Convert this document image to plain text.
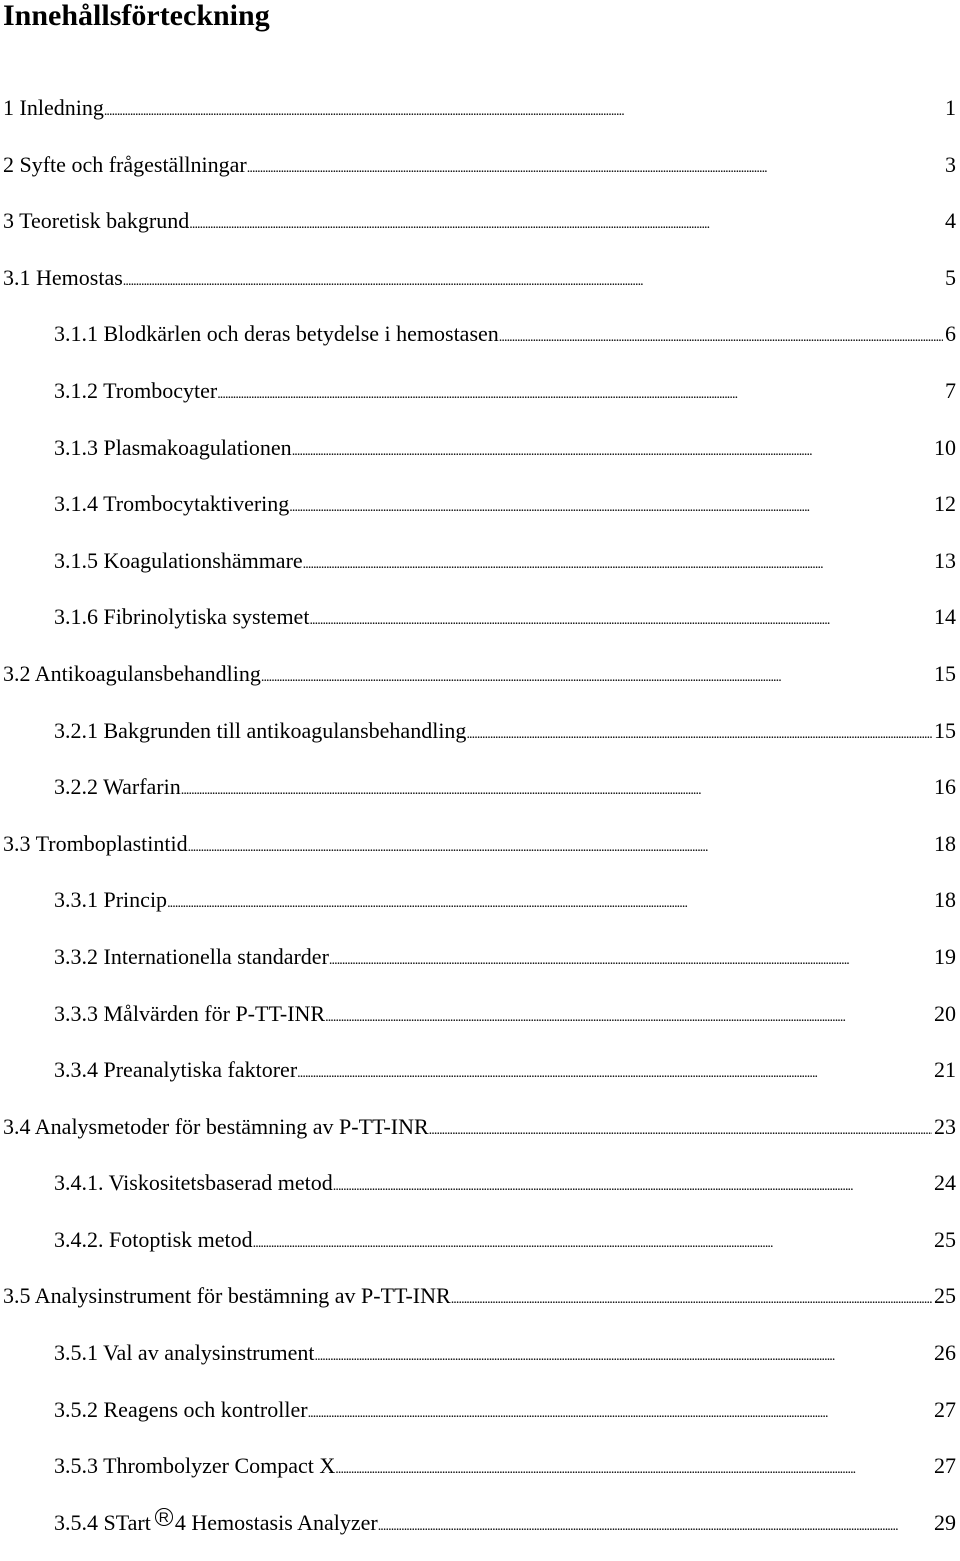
Innehållsförteckning
1 Inledning . . .	1
2 Syfte och frågeställningar . . .	3
3 Teoretisk bakgrund . . .	4
3.1 Hemostas . . .	5
3.1.1 Blodkärlen och deras betydelse i hemostasen . . .	6
3.1.2 Trombocyter . . .	7
3.1.3 Plasmakoagulationen . . .	10
3.1.4 Trombocytaktivering . . .	12
3.1.5 Koagulationshämmare . . .	13
3.1.6 Fibrinolytiska systemet . . .	14
3.2 Antikoagulansbehandling . . .	15
3.2.1 Bakgrunden till antikoagulansbehandling . . .	15
3.2.2 Warfarin . . .	16
3.3 Tromboplastintid . . .	18
3.3.1 Princip . . .	18
3.3.2 Internationella standarder . . .	19
3.3.3 Målvärden för P-TT-INR . . .	20
3.3.4 Preanalytiska faktorer . . .	21
3.4 Analysmetoder för bestämning av P-TT-INR . . .	23
3.4.1. Viskositetsbaserad metod . . .	24
3.4.2. Fotoptisk metod . . .	25
3.5 Analysinstrument för bestämning av P-TT-INR . . .	25
3.5.1 Val av analysinstrument . . .	26
3.5.2 Reagens och kontroller . . .	27
3.5.3 Thrombolyzer Compact X . . .	27
3.5.4 STart R 4 Hemostasis Analyzer . . .	29
